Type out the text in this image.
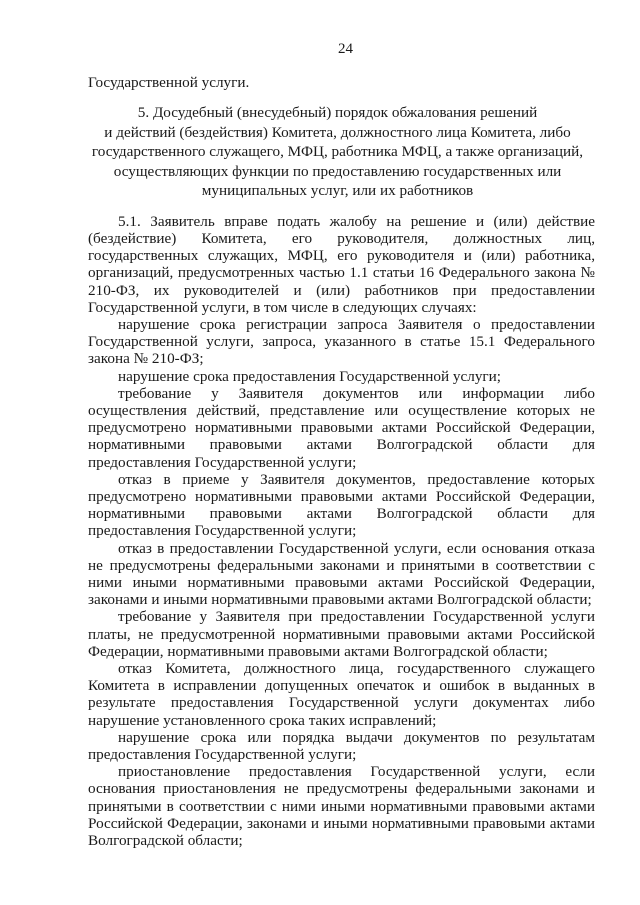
24

Государственной услуги.

5. Досудебный (внесудебный) порядок обжалования решений
и действий (бездействия) Комитета, должностного лица Комитета, либо
государственного служащего, МФЦ, работника МФЦ, а также организаций,
осуществляющих функции по предоставлению государственных или
муниципальных услуг, или их работников

5.1. Заявитель вправе подать жалобу на решение и (или) действие (бездействие) Комитета, его руководителя, должностных лиц, государственных служащих, МФЦ, его руководителя и (или) работника, организаций, предусмотренных частью 1.1 статьи 16 Федерального закона № 210-ФЗ, их руководителей и (или) работников при предоставлении Государственной услуги, в том числе в следующих случаях:

нарушение срока регистрации запроса Заявителя о предоставлении Государственной услуги, запроса, указанного в статье 15.1 Федерального закона № 210-ФЗ;

нарушение срока предоставления Государственной услуги;

требование у Заявителя документов или информации либо осуществления действий, представление или осуществление которых не предусмотрено нормативными правовыми актами Российской Федерации, нормативными правовыми актами Волгоградской области для предоставления Государственной услуги;

отказ в приеме у Заявителя документов, предоставление которых предусмотрено нормативными правовыми актами Российской Федерации, нормативными правовыми актами Волгоградской области для предоставления Государственной услуги;

отказ в предоставлении Государственной услуги, если основания отказа не предусмотрены федеральными законами и принятыми в соответствии с ними иными нормативными правовыми актами Российской Федерации, законами и иными нормативными правовыми актами Волгоградской области;

требование у Заявителя при предоставлении Государственной услуги платы, не предусмотренной нормативными правовыми актами Российской Федерации, нормативными правовыми актами Волгоградской области;

отказ Комитета, должностного лица, государственного служащего Комитета в исправлении допущенных опечаток и ошибок в выданных в результате предоставления Государственной услуги документах либо нарушение установленного срока таких исправлений;

нарушение срока или порядка выдачи документов по результатам предоставления Государственной услуги;

приостановление предоставления Государственной услуги, если основания приостановления не предусмотрены федеральными законами и принятыми в соответствии с ними иными нормативными правовыми актами Российской Федерации, законами и иными нормативными правовыми актами Волгоградской области;
